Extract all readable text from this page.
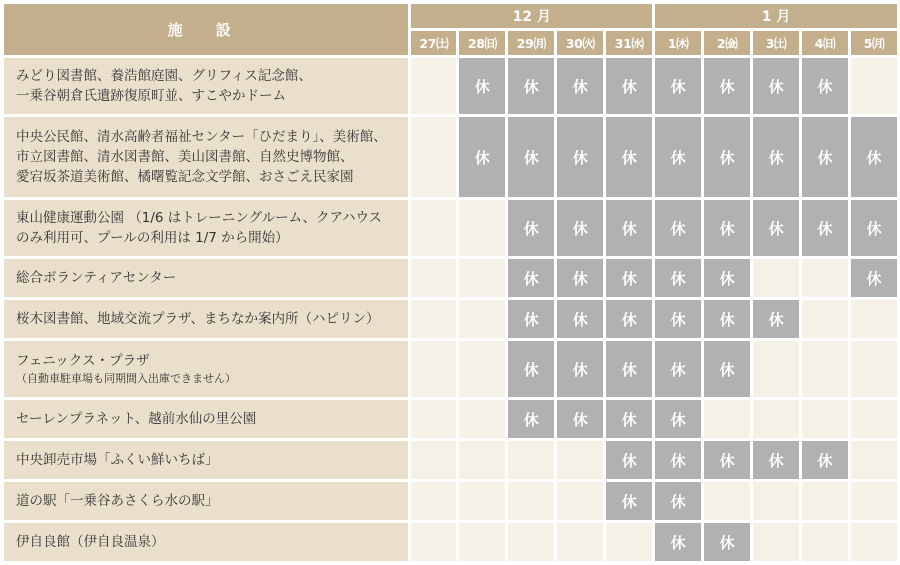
施 設	12 月					1 月				
	27㈯	28㈰	29㈪	30㈫	31㈬	1㈭	2㈮	3㈯	4㈰	5㈪

みどり図書館、養浩館庭園、グリフィス記念館、
一乗谷朝倉氏遺跡復原町並、すこやかドーム		休	休	休	休	休	休	休	休	

中央公民館、清水高齢者福祉センター「ひだまり」、美術館、
市立図書館、清水図書館、美山図書館、自然史博物館、
愛宕坂茶道美術館、橘曙覧記念文学館、おさごえ民家園		休	休	休	休	休	休	休	休	休

東山健康運動公園 （1/6 はトレーニングルーム、クアハウス
のみ利用可、プールの利用は 1/7 から開始）			休	休	休	休	休	休	休	休

総合ボランティアセンター			休	休	休	休	休			休

桜木図書館、地域交流プラザ、まちなか案内所（ハピリン）			休	休	休	休	休	休		

フェニックス・プラザ
（自動車駐車場も同期間入出庫できません）			休	休	休	休	休			

セーレンプラネット、越前水仙の里公園			休	休	休	休				

中央卸売市場「ふくい鮮いちば」					休	休	休	休	休	

道の駅「一乗谷あさくら水の駅」					休	休				

伊自良館（伊自良温泉）						休	休			
